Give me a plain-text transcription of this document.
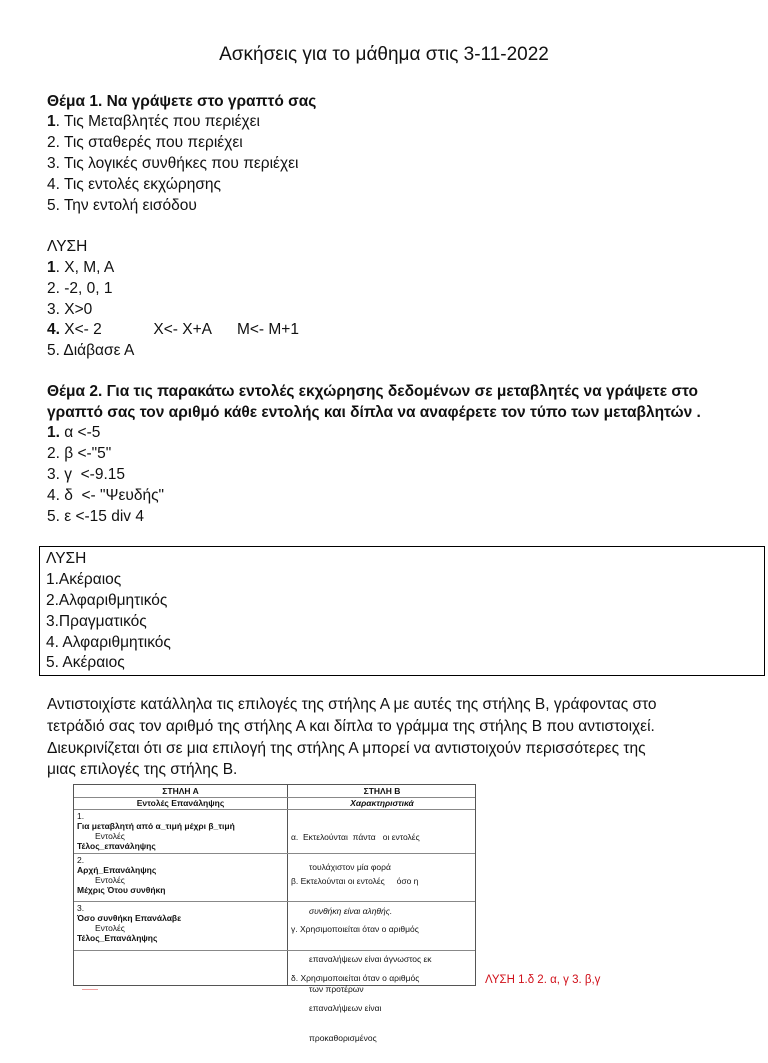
Ασκήσεις για το μάθημα στις 3-11-2022
Θέμα 1. Να γράψετε στο γραπτό σας
1. Τις Μεταβλητές που περιέχει
2. Τις σταθερές που περιέχει
3. Τις λογικές συνθήκες που περιέχει
4. Τις εντολές εκχώρησης
5. Την εντολή εισόδου
ΛΥΣΗ
1. Χ, Μ, Α
2. -2, 0, 1
3. Χ>0
4. Χ<- 2            Χ<- Χ+Α      Μ<- Μ+1
5. Διάβασε Α
Θέμα 2. Για τις παρακάτω εντολές εκχώρησης δεδομένων σε μεταβλητές να γράψετε στο γραπτό σας τον αριθμό κάθε εντολής και δίπλα να αναφέρετε τον τύπο των μεταβλητών .
1. α <-5
2. β <-"5"
3. γ  <-9.15
4. δ  <- "Ψευδής"
5. ε <-15 div 4
ΛΥΣΗ
1.Ακέραιος
2.Αλφαριθμητικός
3.Πραγματικός
4. Αλφαριθμητικός
5. Ακέραιος
Αντιστοιχίστε κατάλληλα τις επιλογές της στήλης Α με αυτές της στήλης Β, γράφοντας στο
τετράδιό σας τον αριθμό της στήλης Α και δίπλα το γράμμα της στήλης Β που αντιστοιχεί.
Διευκρινίζεται ότι σε μια επιλογή της στήλης Α μπορεί να αντιστοιχούν περισσότερες της
μιας επιλογές της στήλης Β.
ΣΤΗΛΗ Α
Εντολές Επανάληψης
ΣΤΗΛΗ Β
Χαρακτηριστικά
1.
Για μεταβλητή από α_τιμή μέχρι β_τιμή
Εντολές
Τέλος_επανάληψης
2.
Αρχή_Επανάληψης
Εντολές
Μέχρις Ότου συνθήκη
3.
Όσο συνθήκη Επανάλαβε
Εντολές
Τέλος_Επανάληψης

α.  Εκτελούνται  πάντα   οι εντολές

τουλάχιστον μία φορά

β. Εκτελούνται οι εντολές     όσο η

συνθήκη είναι αληθής.

γ. Χρησιμοποιείται όταν ο αριθμός

επαναλήψεων είναι άγνωστος εκ

των προτέρων

δ. Χρησιμοποιείται όταν ο αριθμός

επαναλήψεων είναι

προκαθορισμένος

ΛΥΣΗ 1.δ 2. α, γ 3. β,γ
